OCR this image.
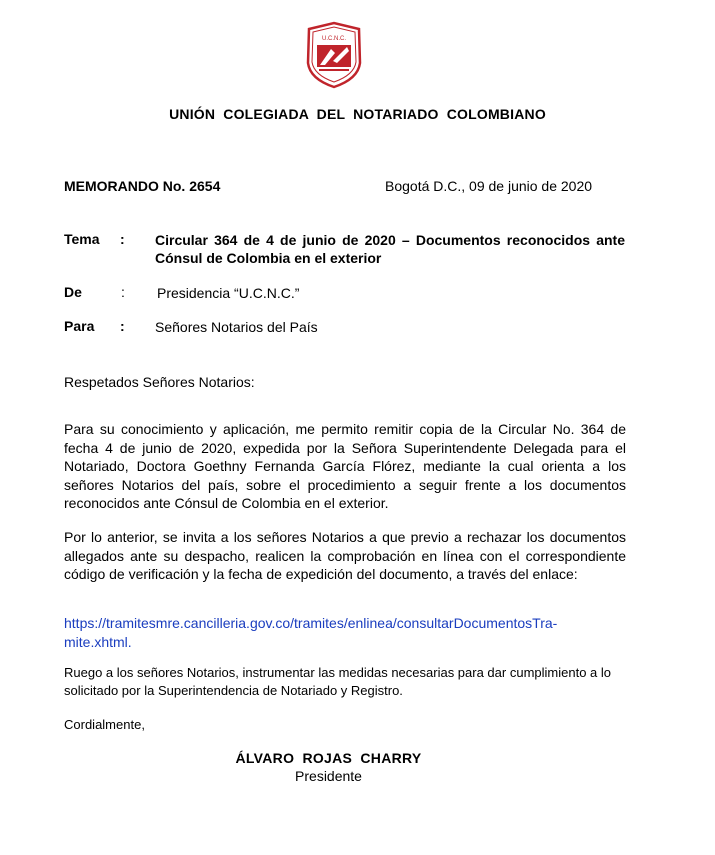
U.C.N.C.
UNIÓN COLEGIADA DEL NOTARIADO COLOMBIANO
MEMORANDO No. 2654	Bogotá D.C., 09 de junio de 2020
Tema : Circular 364 de 4 de junio de 2020 – Documentos reconocidos ante Cónsul de Colombia en el exterior
De	: Presidencia “U.C.N.C.”
Para : Señores Notarios del País
Respetados Señores Notarios:
Para su conocimiento y aplicación, me permito remitir copia de la Circular No. 364 de fecha 4 de junio de 2020, expedida por la Señora Superintendente Delegada para el Notariado, Doctora Goethny Fernanda García Flórez, mediante la cual orienta a los señores Notarios del país, sobre el procedimiento a seguir frente a los documentos reconocidos ante Cónsul de Colombia en el exterior.
Por lo anterior, se invita a los señores Notarios a que previo a rechazar los documentos allegados ante su despacho, realicen la comprobación en línea con el correspondiente código de verificación y la fecha de expedición del documento, a través del enlace:
https://tramitesmre.cancilleria.gov.co/tramites/enlinea/consultarDocumentosTra-
mite.xhtml.
Ruego a los señores Notarios, instrumentar las medidas necesarias para dar cumplimiento a lo solicitado por la Superintendencia de Notariado y Registro.
Cordialmente,
ÁLVARO ROJAS CHARRY
Presidente
